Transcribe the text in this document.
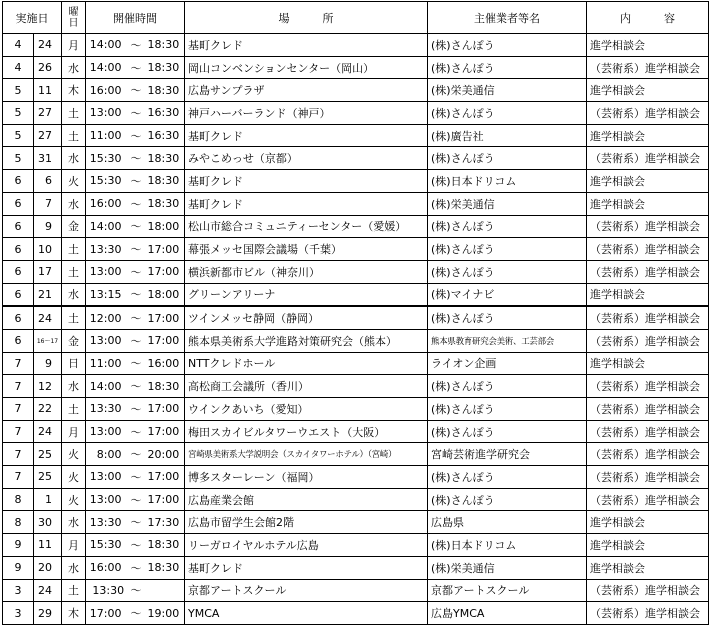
実施日		曜日	開催時間			場　　　所	主催業者等名	内　　　容
4	24	月	14:00	～	18:30	基町クレド	(株)さんぽう	進学相談会
4	26	水	14:00	～	18:30	岡山コンベンションセンター（岡山）	(株)さんぽう	（芸術系）進学相談会
5	11	木	16:00	～	18:30	広島サンプラザ	(株)栄美通信	進学相談会
5	27	土	13:00	～	16:30	神戸ハーバーランド（神戸）	(株)さんぽう	（芸術系）進学相談会
5	27	土	11:00	～	16:30	基町クレド	(株)廣告社	進学相談会
5	31	水	15:30	～	18:30	みやこめっせ（京都）	(株)さんぽう	（芸術系）進学相談会
6	6	火	15:30	～	18:30	基町クレド	(株)日本ドリコム	進学相談会
6	7	水	16:00	～	18:30	基町クレド	(株)栄美通信	進学相談会
6	9	金	14:00	～	18:00	松山市総合コミュニティーセンター（愛媛）	(株)さんぽう	（芸術系）進学相談会
6	10	土	13:30	～	17:00	幕張メッセ国際会議場（千葉）	(株)さんぽう	（芸術系）進学相談会
6	17	土	13:00	～	17:00	横浜新都市ビル（神奈川）	(株)さんぽう	（芸術系）進学相談会
6	21	水	13:15	～	18:00	グリーンアリーナ	(株)マイナビ	進学相談会
6	24	土	12:00	～	17:00	ツインメッセ静岡（静岡）	(株)さんぽう	（芸術系）進学相談会
6	16～17	金	13:00	～	17:00	熊本県美術系大学進路対策研究会（熊本）	熊本県教育研究会美術、工芸部会	（芸術系）進学相談会
7	9	日	11:00	～	16:00	NTTクレドホール	ライオン企画	進学相談会
7	12	水	14:00	～	18:30	高松商工会議所（香川）	(株)さんぽう	（芸術系）進学相談会
7	22	土	13:30	～	17:00	ウインクあいち（愛知）	(株)さんぽう	（芸術系）進学相談会
7	24	月	13:00	～	17:00	梅田スカイビルタワーウエスト（大阪）	(株)さんぽう	（芸術系）進学相談会
7	25	火	8:00	～	20:00	宮崎県美術系大学説明会（スカイタワーホテル）（宮崎）	宮崎芸術進学研究会	（芸術系）進学相談会
7	25	火	13:00	～	17:00	博多スターレーン（福岡）	(株)さんぽう	（芸術系）進学相談会
8	1	火	13:00	～	17:00	広島産業会館	(株)さんぽう	（芸術系）進学相談会
8	30	水	13:30	～	17:30	広島市留学生会館2階	広島県	進学相談会
9	11	月	15:30	～	18:30	リーガロイヤルホテル広島	(株)日本ドリコム	進学相談会
9	20	水	16:00	～	18:30	基町クレド	(株)栄美通信	進学相談会
3	24	土	13:30	～		京都アートスクール	京都アートスクール	（芸術系）進学相談会
3	29	木	17:00	～	19:00	YMCA	広島YMCA	（芸術系）進学相談会
